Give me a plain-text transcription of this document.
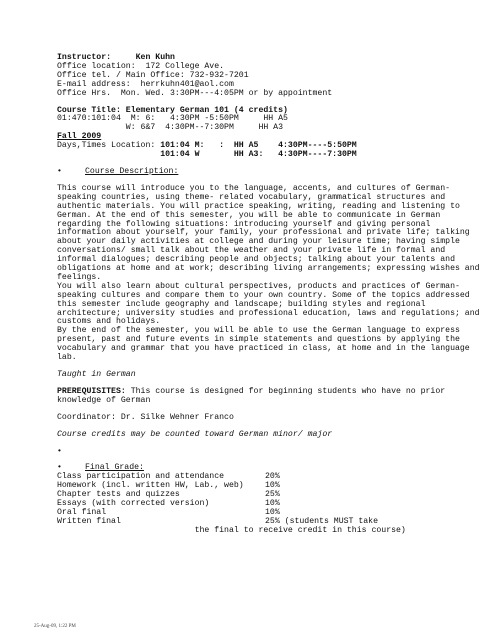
Instructor:	Ken Kuhn
Office location:  172 College Ave.
Office tel. / Main Office: 732-932-7201
E-mail address:  herrkuhn401@aol.com
Office Hrs.  Mon. Wed. 3:30PM---4:05PM or by appointment
Course Title: Elementary German 101 (4 credits)
01:470:101:04  M: 6:   4:30PM -5:50PM     HH A5
W: 6&7  4:30PM--7:30PM     HH A3
Fall 2009
Days,Times Location: 101:04 M:   :  HH A5    4:30PM----5:50PM
101:04 W       HH A3:   4:30PM----7:30PM
•	Course Description:

This course will introduce you to the language, accents, and cultures of German-speaking countries, using theme- related vocabulary, grammatical structures and authentic materials. You will practice speaking, writing, reading and listening to German. At the end of this semester, you will be able to communicate in German regarding the following situations: introducing yourself and giving personal information about yourself, your family, your professional and private life; talking about your daily activities at college and during your leisure time; having simple conversations/ small talk about the weather and your private life in formal and informal dialogues; describing people and objects; talking about your talents and obligations at home and at work; describing living arrangements; expressing wishes and feelings.

You will also learn about cultural perspectives, products and practices of German-speaking cultures and compare them to your own country. Some of the topics addressed this semester include geography and landscape; building styles and regional architecture; university studies and professional education, laws and regulations; and customs and holidays.

By the end of the semester, you will be able to use the German language to express present, past and future events in simple statements and questions by applying the vocabulary and grammar that you have practiced in class, at home and in the language lab.

Taught in German

PREREQUISITES: This course is designed for beginning students who have no prior knowledge of German

Coordinator: Dr. Silke Wehner Franco
Course credits may be counted toward German minor/ major
•
•	Final Grade:
Class participation and attendance	20%
Homework (incl. written HW, Lab., web)	10%
Chapter tests and quizzes	25%
Essays (with corrected version)	10%
Oral final	10%
Written final	25% (students MUST take
the final to receive credit in this course)
25-Aug-09, 1:22 PM
